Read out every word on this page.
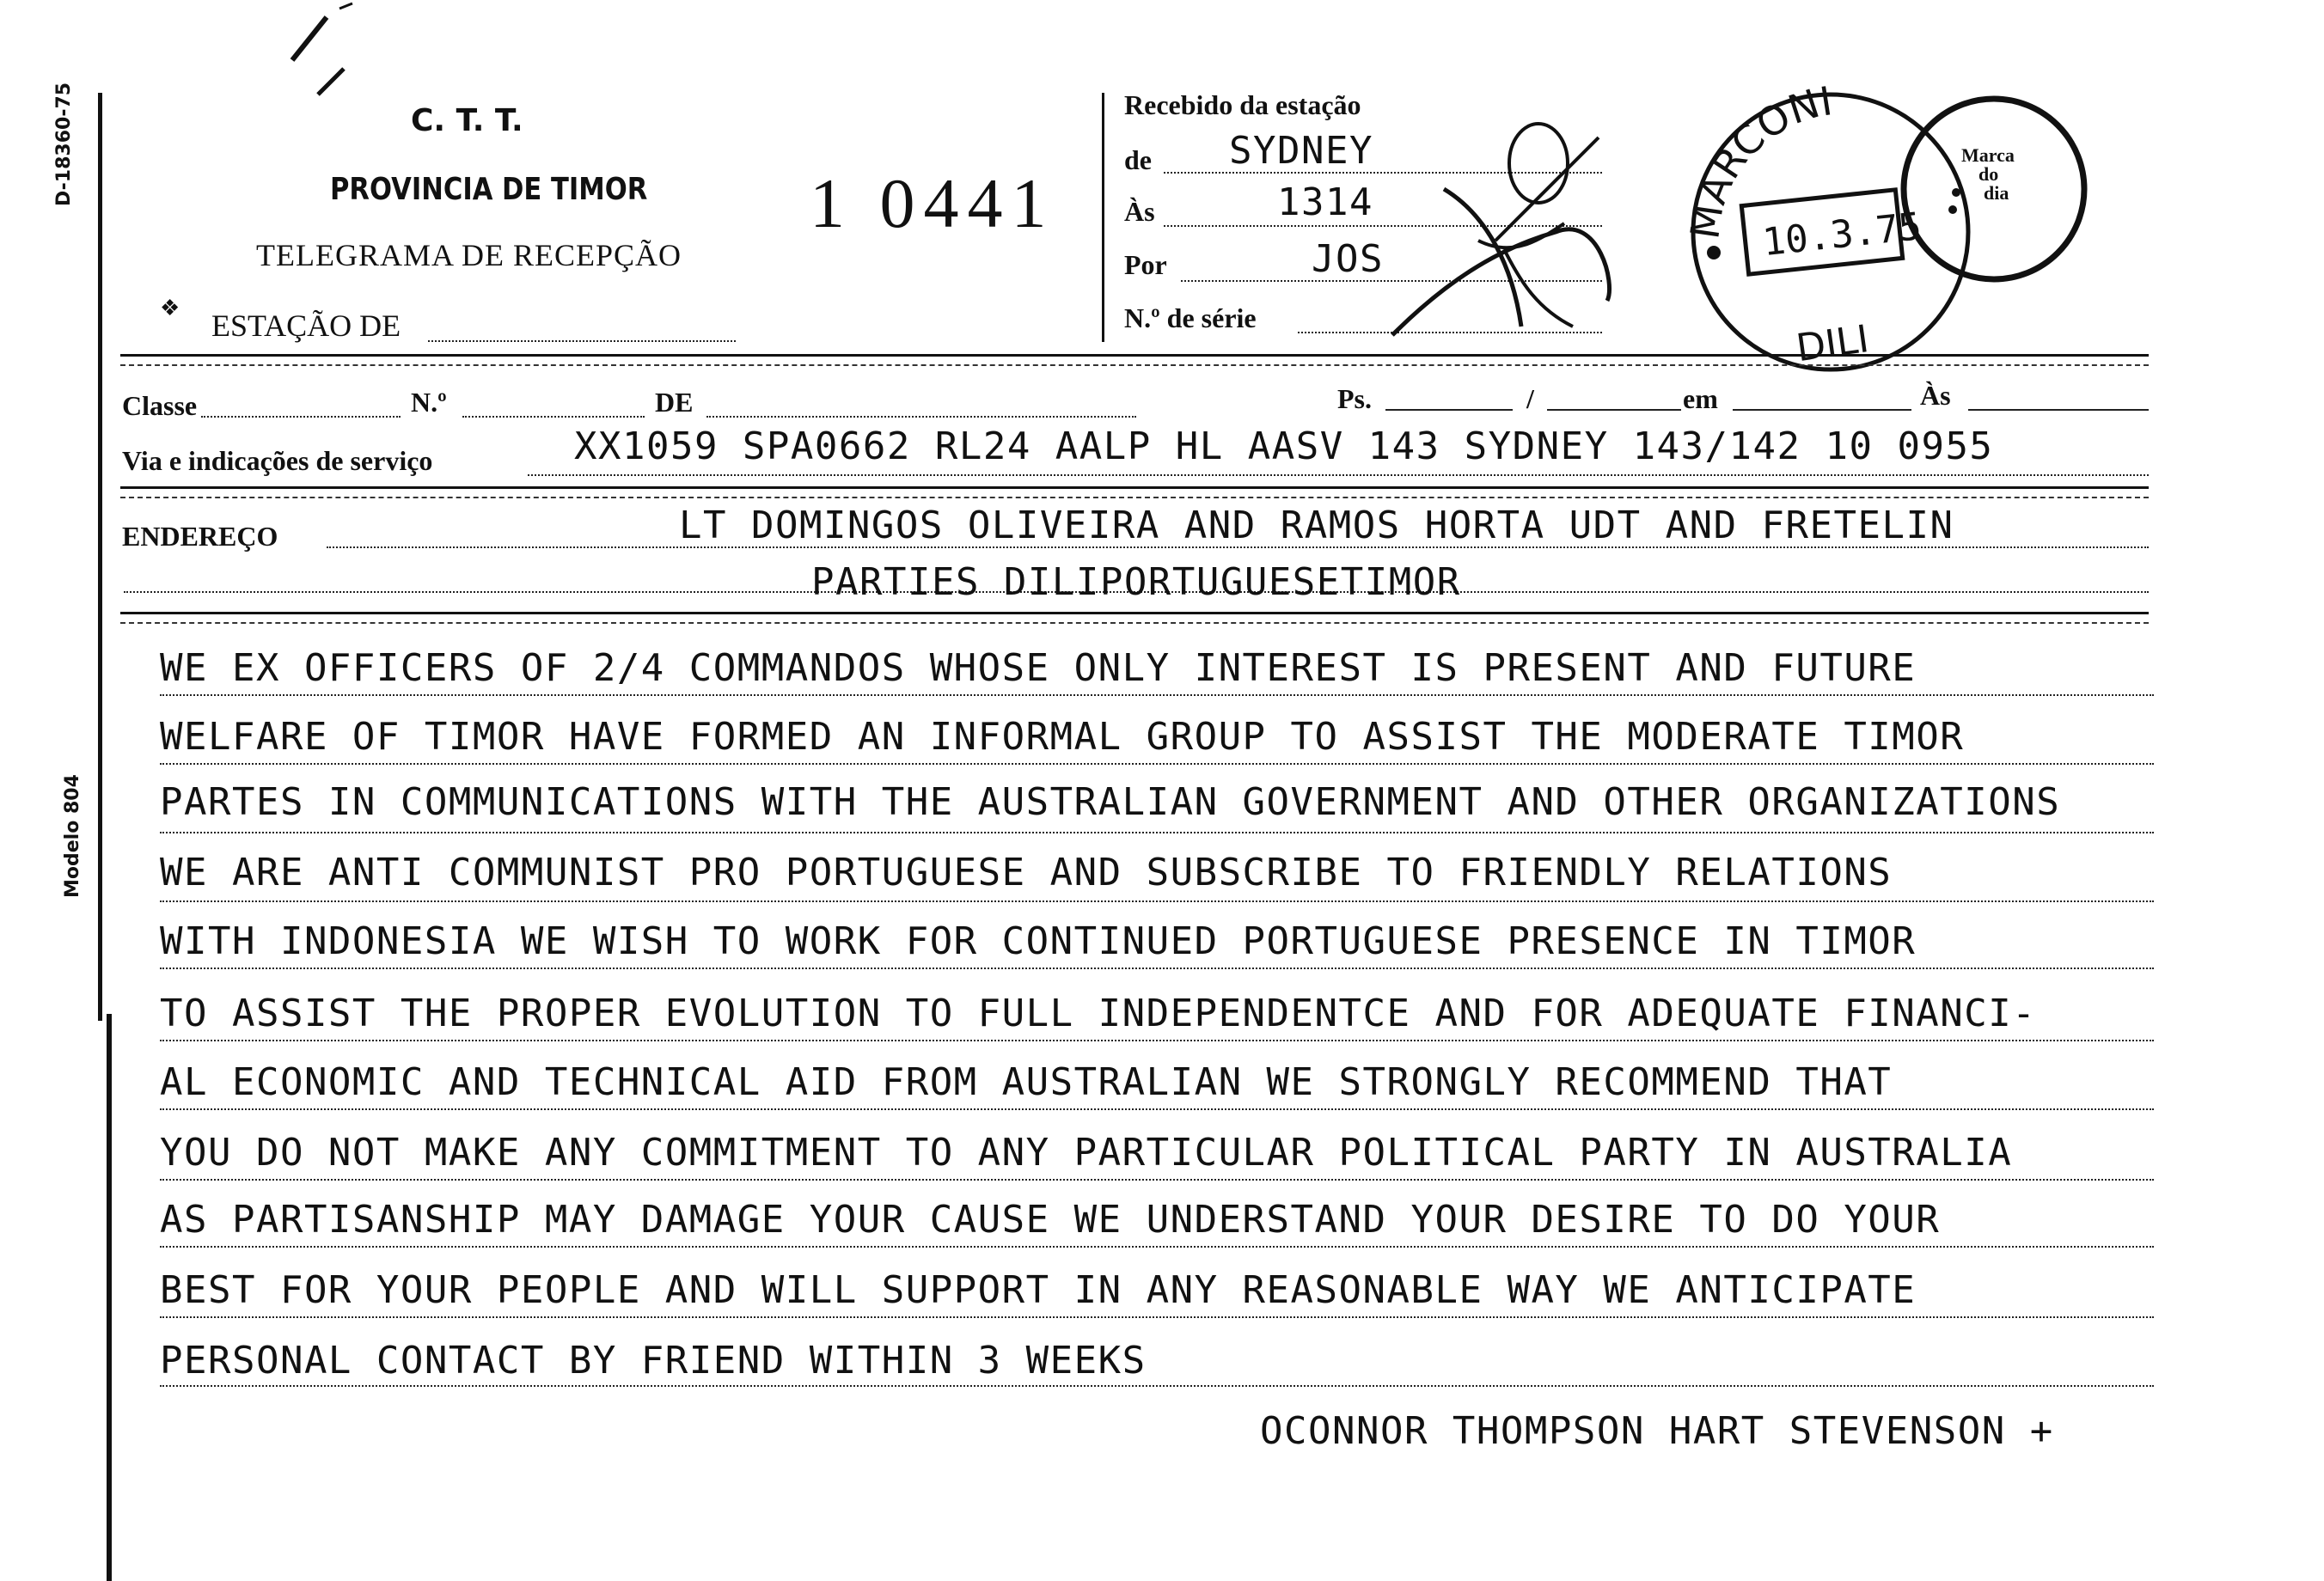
D-18360-75
Modelo 804
C. T. T.
PROVINCIA DE TIMOR
TELEGRAMA DE RECEPÇÃO
❖
ESTAÇÃO DE
1 0441
Recebido da estação
de SYDNEY
Às	1314
Por	JOS
N.º de série
MARCONI
DILI
10.3.75
Marca
do
dia
Classe	N.º	DE	Ps.	/	em	Às
Via e indicações de serviço	XX1059 SPA0662 RL24 AALP HL AASV 143 SYDNEY 143/142 10 0955
ENDEREÇO	LT DOMINGOS OLIVEIRA AND RAMOS HORTA UDT AND FRETELIN
PARTIES DILIPORTUGUESETIMOR
WE EX OFFICERS OF 2/4 COMMANDOS WHOSE ONLY INTEREST IS PRESENT AND FUTURE
WELFARE OF TIMOR HAVE FORMED AN INFORMAL GROUP TO ASSIST THE MODERATE TIMOR
PARTES IN COMMUNICATIONS WITH THE AUSTRALIAN GOVERNMENT AND OTHER ORGANIZATIONS
WE ARE ANTI COMMUNIST PRO PORTUGUESE AND SUBSCRIBE TO FRIENDLY RELATIONS
WITH INDONESIA WE WISH TO WORK FOR CONTINUED PORTUGUESE PRESENCE IN TIMOR
TO ASSIST THE PROPER EVOLUTION TO FULL INDEPENDENTCE AND FOR ADEQUATE FINANCI-
AL ECONOMIC AND TECHNICAL AID FROM AUSTRALIAN WE STRONGLY RECOMMEND THAT
YOU DO NOT MAKE ANY COMMITMENT TO ANY PARTICULAR POLITICAL PARTY IN AUSTRALIA
AS PARTISANSHIP MAY DAMAGE YOUR CAUSE WE UNDERSTAND YOUR DESIRE TO DO YOUR
BEST FOR YOUR PEOPLE AND WILL SUPPORT IN ANY REASONABLE WAY WE ANTICIPATE
PERSONAL CONTACT BY FRIEND WITHIN 3 WEEKS
OCONNOR THOMPSON HART STEVENSON +
